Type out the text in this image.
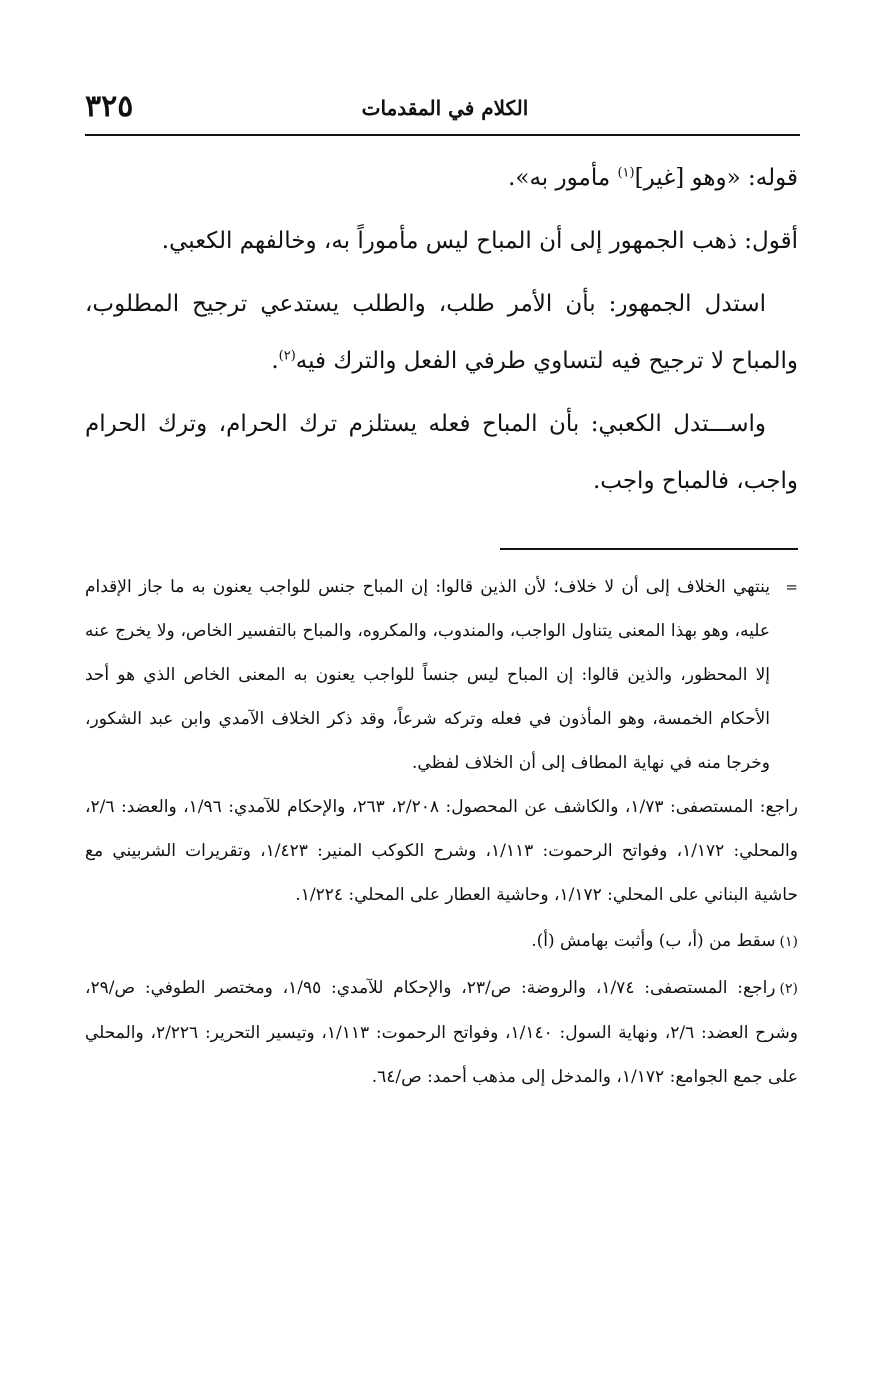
٣٢٥	الكلام في المقدمات

قوله: «وهو [غير]$^{(١)}$ مأمور به».

أقول: ذهب الجمهور إلى أن المباح ليس مأموراً به، وخالفهم الكعبي.

استدل الجمهور: بأن الأمر طلب، والطلب يستدعي ترجيح المطلوب، والمباح لا ترجيح فيه لتساوي طرفي الفعل والترك فيه$^{(٢)}$.

واســـتدل الكعبي: بأن المباح فعله يستلزم ترك الحرام، وترك الحرام واجب، فالمباح واجب.

=ينتهي الخلاف إلى أن لا خلاف؛ لأن الذين قالوا: إن المباح جنس للواجب يعنون به ما جاز الإقدام عليه، وهو بهذا المعنى يتناول الواجب، والمندوب، والمكروه، والمباح بالتفسير الخاص، ولا يخرج عنه إلا المحظور، والذين قالوا: إن المباح ليس جنساً للواجب يعنون به المعنى الخاص الذي هو أحد الأحكام الخمسة، وهو المأذون في فعله وتركه شرعاً، وقد ذكر الخلاف الآمدي وابن عبد الشكور، وخرجا منه في نهاية المطاف إلى أن الخلاف لفظي.

راجع: المستصفى: ١/٧٣، والكاشف عن المحصول: ٢/٢٠٨، ٢٦٣، والإحكام للآمدي: ١/٩٦، والعضد: ٢/٦، والمحلي: ١/١٧٢، وفواتح الرحموت: ١/١١٣، وشرح الكوكب المنير: ١/٤٢٣، وتقريرات الشربيني مع حاشية البناني على المحلي: ١/١٧٢، وحاشية العطار على المحلي: ١/٢٢٤.

(١)سقط من (أ، ب) وأثبت بهامش (أ).

(٢)راجع: المستصفى: ١/٧٤، والروضة: ص/٢٣، والإحكام للآمدي: ١/٩٥، ومختصر الطوفي: ص/٢٩، وشرح العضد: ٢/٦، ونهاية السول: ١/١٤٠، وفواتح الرحموت: ١/١١٣، وتيسير التحرير: ٢/٢٢٦، والمحلي على جمع الجوامع: ١/١٧٢، والمدخل إلى مذهب أحمد: ص/٦٤.
